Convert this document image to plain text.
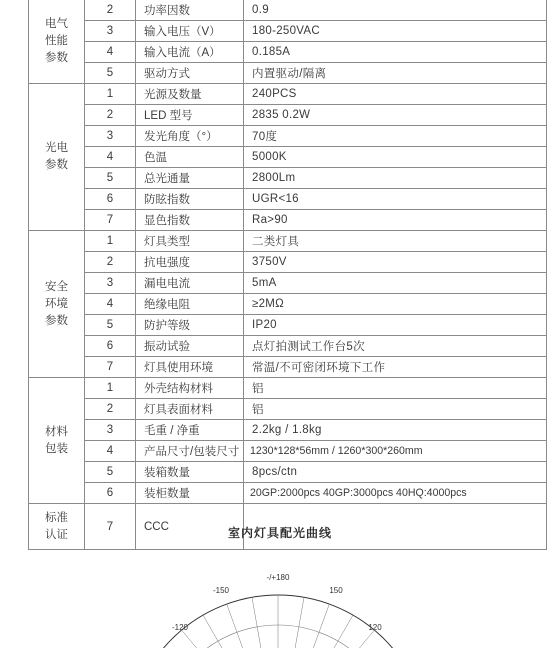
电气
性能
参数	2	功率因数	0.9
	3	输入电压（V）	180-250VAC
	4	输入电流（A）	0.185A
	5	驱动方式	内置驱动/隔离
光电
参数	1	光源及数量	240PCS
	2	LED 型号	2835 0.2W
	3	发光角度（°）	70度
	4	色温	5000K
	5	总光通量	2800Lm
	6	防眩指数	UGR<16
	7	显色指数	Ra>90
安全
环境
参数	1	灯具类型	二类灯具
	2	抗电强度	3750V
	3	漏电电流	5mA
	4	绝缘电阻	≥2MΩ
	5	防护等级	IP20
	6	振动试验	点灯拍测试工作台5次
	7	灯具使用环境	常温/不可密闭环境下工作
材料
包装	1	外壳结构材料	铝
	2	灯具表面材料	铝
	3	毛重 / 净重	2.2kg / 1.8kg
	4	产品尺寸/包装尺寸	1230*128*56mm / 1260*300*260mm
	5	装箱数量	8pcs/ctn
	6	装柜数量	20GP:2000pcs 40GP:3000pcs 40HQ:4000pcs
标准
认证	7	CCC		室内灯具配光曲线
-/+180
-150	150
-120	120
